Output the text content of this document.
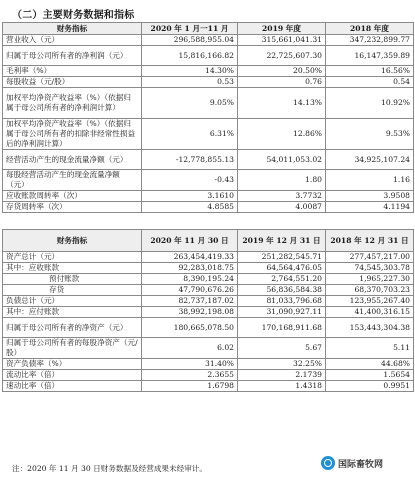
（二）主要财务数据和指标
财务指标	2020 年 1 月一11 月	2019 年度	2018 年度
营业收入（元）	296,588,955.04	315,661,041.31	347,232,899.77
归属于母公司所有者的净利润（元）	15,816,166.82	22,725,607.30	16,147,359.89
毛利率（%）	14.30%	20.50%	16.56%
每股收益（元/股）	0.53	0.76	0.54
加权平均净资产收益率（%）（依据归属于母公司所有者的净利润计算）	9.05%	14.13%	10.92%
加权平均净资产收益率（%）（依据归属于母公司所有者的扣除非经常性损益后的净利润计算）	6.31%	12.86%	9.53%
经营活动产生的现金流量净额（元）	-12,778,855.13	54,011,053.02	34,925,107.24
每股经营活动产生的现金流量净额（元）	-0.43	1.80	1.16
应收账款周转率（次）	3.1610	3.7732	3.9508
存货周转率（次）	4.8585	4.0087	4.1194
财务指标	2020 年 11 月 30 日	2019 年 12 月 31 日	2018 年 12 月 31 日
资产总计（元）	263,454,419.33	251,282,545.71	277,457,217.00
其中：应收账款	92,283,018.75	64,564,476.05	74,545,303.78
预付账款	8,390,195.24	2,764,551.20	1,965,227.30
存货	47,790,676.26	56,836,584.38	68,370,703.23
负债总计（元）	82,737,187.02	81,033,796.68	123,955,267.40
其中：应付账款	38,992,198.08	31,090,927.11	41,400,316.15
归属于母公司所有者的净资产（元）	180,665,078.50	170,168,911.68	153,443,304.38
归属于母公司所有者的每股净资产（元/股）	6.02	5.67	5.11
资产负债率（%）	31.40%	32.25%	44.68%
流动比率（倍）	2.3655	2.1739	1.5654
速动比率（倍）	1.6798	1.4318	0.9951
注：2020 年 11 月 30 日财务数据及经营成果未经审计。	国际畜牧网
